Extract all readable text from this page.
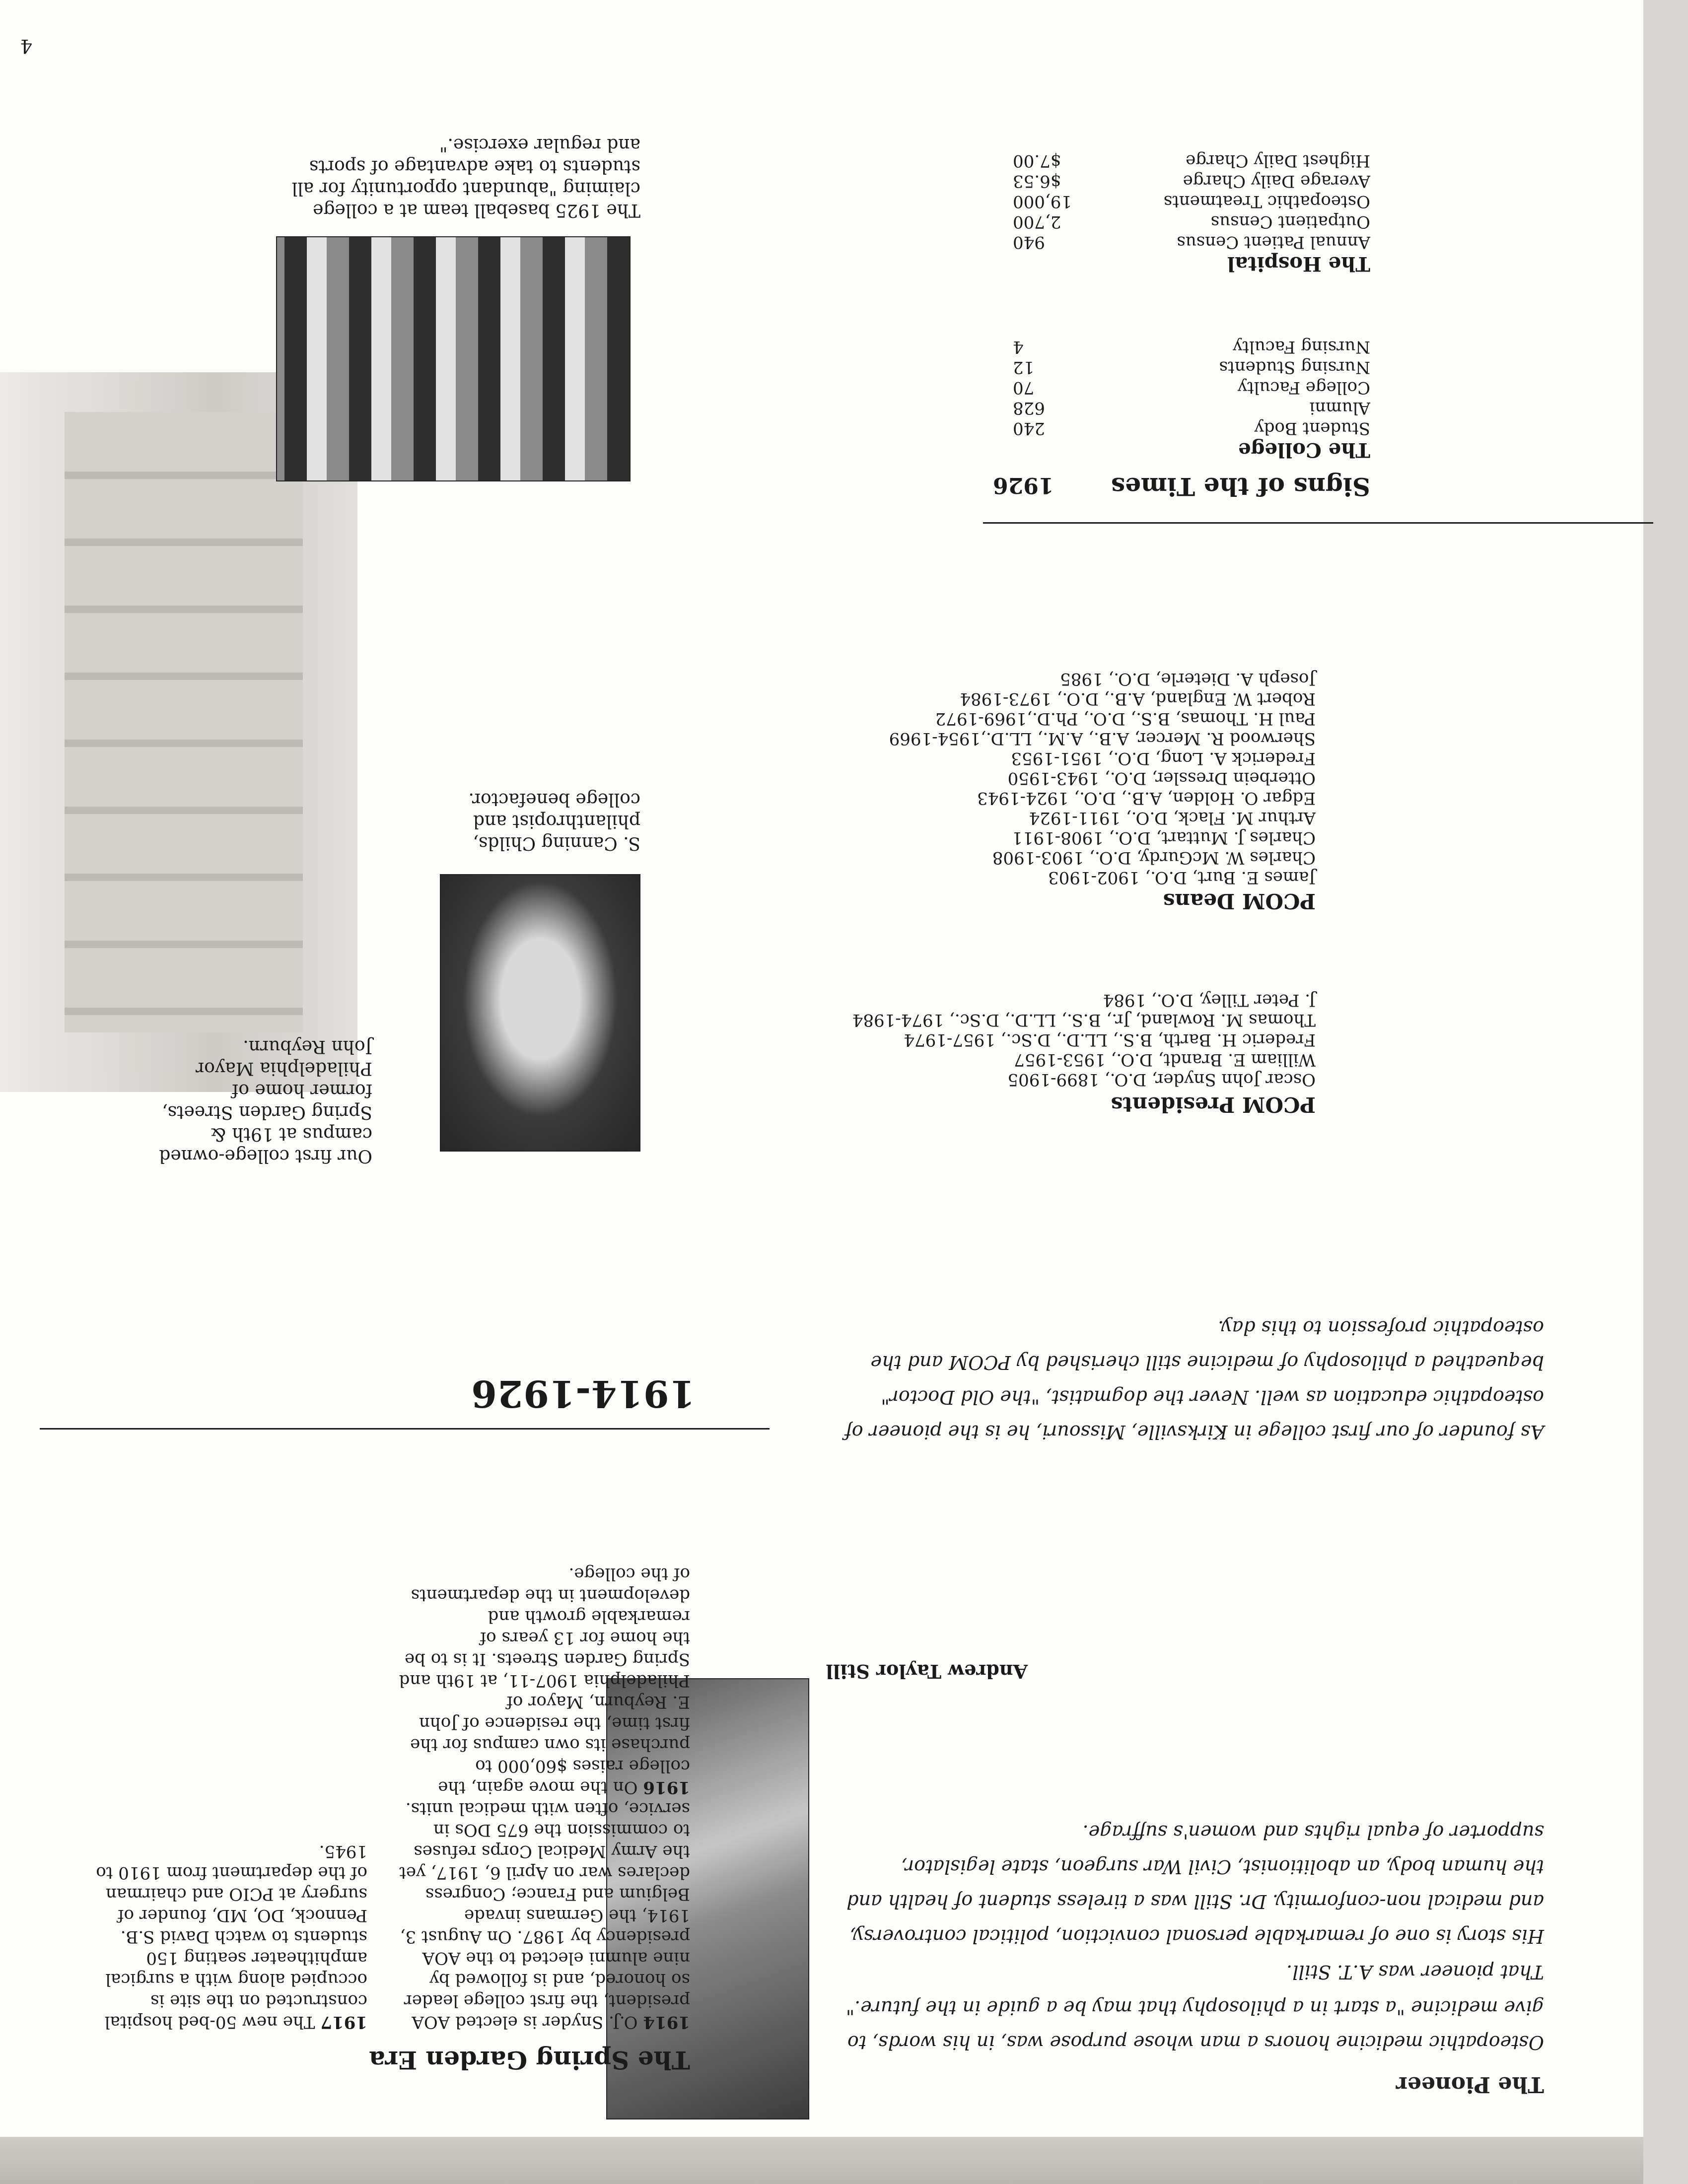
4
The Pioneer
Andrew Taylor Still

Osteopathic medicine honors a man whose purpose was, in his words, to give medicine "a start in a philosophy that may be a guide in the future."

That pioneer was A.T. Still.

His story is one of remarkable personal conviction, political controversy, and medical non-conformity. Dr. Still was a tireless student of health and the human body, an abolitionist, Civil War surgeon, state legislator, supporter of equal rights and women's suffrage.

As founder of our first college in Kirksville, Missouri, he is the pioneer of osteopathic education as well. Never the dogmatist, "the Old Doctor" bequeathed a philosophy of medicine still cherished by PCOM and the osteopathic profession to this day.

PCOM Presidents
Oscar John Snyder, D.O., 1899-1905
William E. Brandt, D.O., 1953-1957
Frederic H. Barth, B.S., LL.D., D.Sc., 1957-1974
Thomas M. Rowland, Jr., B.S., LL.D., D.Sc., 1974-1984
J. Peter Tilley, D.O., 1984
PCOM Deans
James E. Burt, D.O., 1902-1903
Charles W. McGurdy, D.O., 1903-1908
Charles J. Muttart, D.O., 1908-1911
Arthur M. Flack, D.O., 1911-1924
Edgar O. Holden, A.B., D.O., 1924-1943
Otterbein Dressler, D.O., 1943-1950
Frederick A. Long, D.O., 1951-1953
Sherwood R. Mercer, A.B., A.M., LL.D.,1954-1969
Paul H. Thomas, B.S., D.O., Ph.D.,1969-1972
Robert W. England, A.B., D.O., 1973-1984
Joseph A. Dieterle, D.O., 1985
Signs of the Times
1926
The College
Student Body
240
Alumni
628
College Faculty
70
Nursing Students
12
Nursing Faculty
4
The Hospital
Annual Patient Census
940
Outpatient Census
2,700
Osteopathic Treatments
19,000
Average Daily Charge
$6.53
Highest Daily Charge
$7.00
The Spring Garden Era
1914 O.J. Snyder is elected AOA president, the first college leader so honored, and is followed by nine alumni elected to the AOA presidency by 1987. On August 3, 1914, the Germans invade Belgium and France; Congress declares war on April 6, 1917, yet the Army Medical Corps refuses to commission the 675 DOs in service, often with medical units.
1916 On the move again, the college raises $60,000 to purchase its own campus for the first time, the residence of John E. Reyburn, Mayor of Philadelphia 1907-11, at 19th and Spring Garden Streets. It is to be the home for 13 years of remarkable growth and development in the departments of the college.
1917 The new 50-bed hospital constructed on the site is occupied along with a surgical amphitheater seating 150 students to watch David S.B. Pennock, DO, MD, founder of surgery at PCIO and chairman of the department from 1910 to 1945.
1914-1926
S. Canning Childs, philanthropist and college benefactor.
Our first college-owned campus at 19th & Spring Garden Streets, former home of Philadelphia Mayor John Reyburn.
The 1925 baseball team at a college claiming "abundant opportunity for all students to take advantage of sports and regular exercise."
